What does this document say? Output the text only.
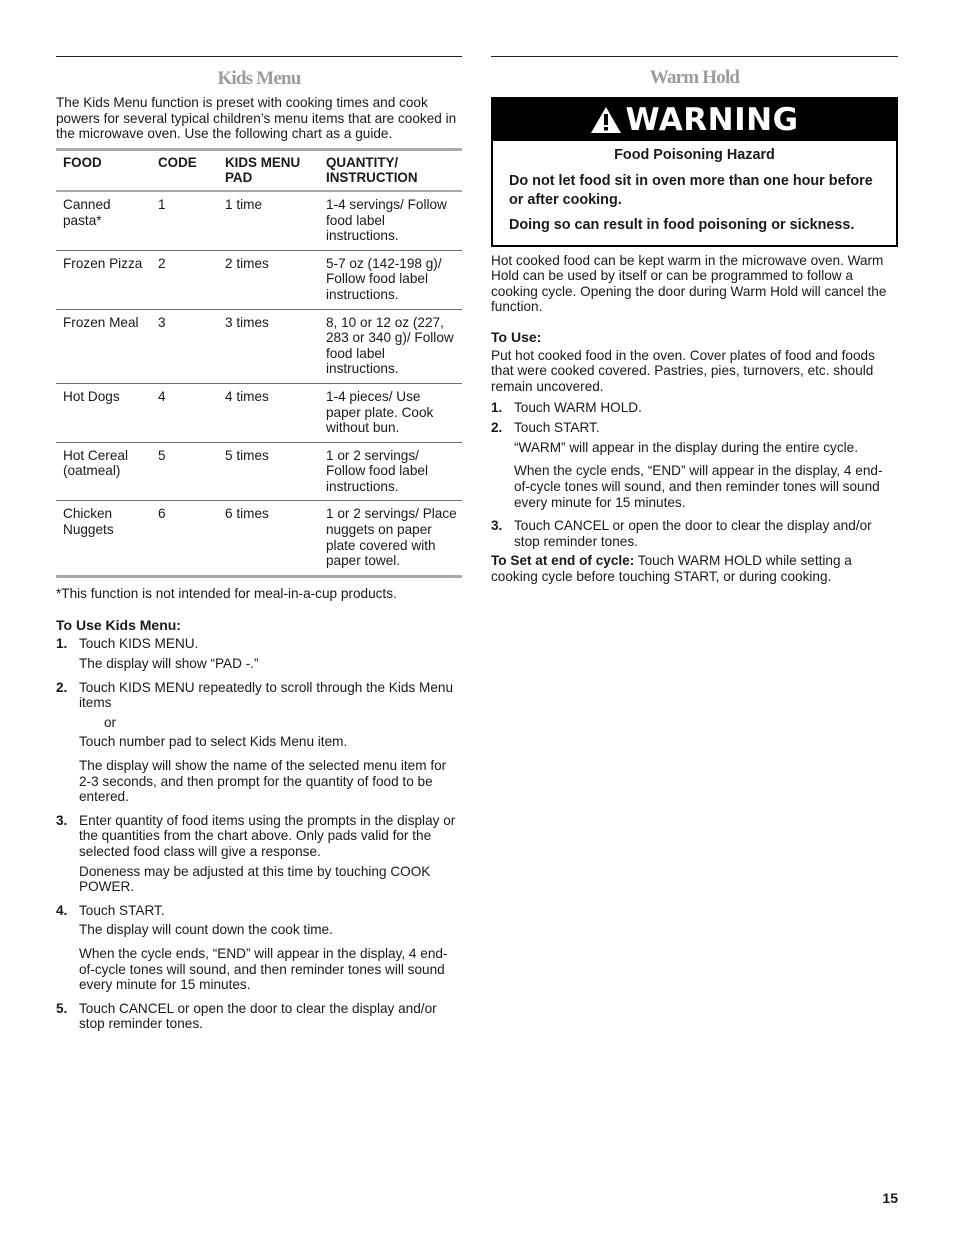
Kids Menu

The Kids Menu function is preset with cooking times and cook powers for several typical children’s menu items that are cooked in the microwave oven. Use the following chart as a guide.

FOOD	CODE	KIDS MENU PAD	QUANTITY/ INSTRUCTION
Canned pasta*	1	1 time	1-4 servings/ Follow food label instructions.
Frozen Pizza	2	2 times	5-7 oz (142-198 g)/ Follow food label instructions.
Frozen Meal	3	3 times	8, 10 or 12 oz (227, 283 or 340 g)/ Follow food label instructions.
Hot Dogs	4	4 times	1-4 pieces/ Use paper plate. Cook without bun.
Hot Cereal (oatmeal)	5	5 times	1 or 2 servings/ Follow food label instructions.
Chicken Nuggets	6	6 times	1 or 2 servings/ Place nuggets on paper plate covered with paper towel.

*This function is not intended for meal-in-a-cup products.

To Use Kids Menu:

1. Touch KIDS MENU.
The display will show “PAD -.”
2. Touch KIDS MENU repeatedly to scroll through the Kids Menu items
or
Touch number pad to select Kids Menu item.
The display will show the name of the selected menu item for 2-3 seconds, and then prompt for the quantity of food to be entered.
3. Enter quantity of food items using the prompts in the display or the quantities from the chart above. Only pads valid for the selected food class will give a response.
Doneness may be adjusted at this time by touching COOK POWER.
4. Touch START.
The display will count down the cook time.
When the cycle ends, “END” will appear in the display, 4 end-of-cycle tones will sound, and then reminder tones will sound every minute for 15 minutes.
5. Touch CANCEL or open the door to clear the display and/or stop reminder tones.
Warm Hold
WARNING

Food Poisoning Hazard

Do not let food sit in oven more than one hour before or after cooking.

Doing so can result in food poisoning or sickness.

Hot cooked food can be kept warm in the microwave oven. Warm Hold can be used by itself or can be programmed to follow a cooking cycle. Opening the door during Warm Hold will cancel the function.

To Use:

Put hot cooked food in the oven. Cover plates of food and foods that were cooked covered. Pastries, pies, turnovers, etc. should remain uncovered.

1. Touch WARM HOLD.
2. Touch START.
“WARM” will appear in the display during the entire cycle.
When the cycle ends, “END” will appear in the display, 4 end-of-cycle tones will sound, and then reminder tones will sound every minute for 15 minutes.
3. Touch CANCEL or open the door to clear the display and/or stop reminder tones.

To Set at end of cycle: Touch WARM HOLD while setting a cooking cycle before touching START, or during cooking.

15
